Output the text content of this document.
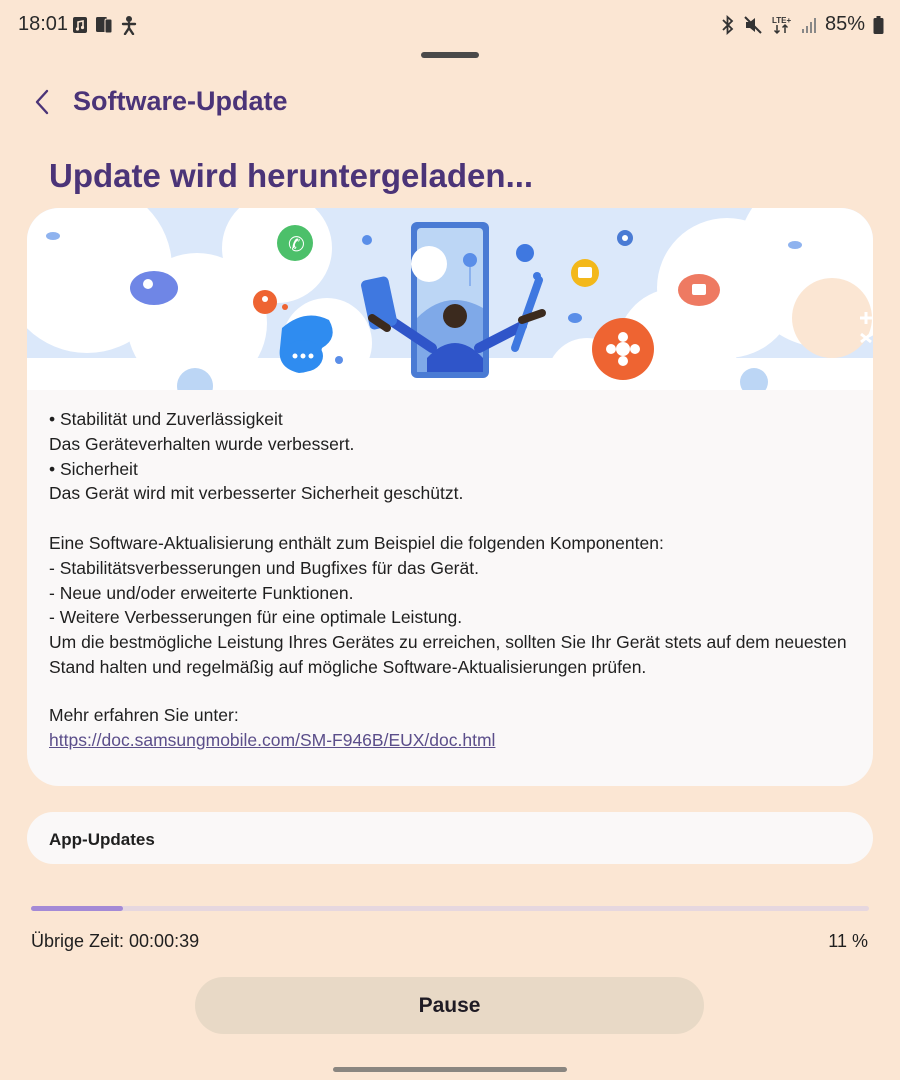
18:01	LTE+ 85%
Software-Update
Update wird heruntergeladen...
✆
• Stabilität und Zuverlässigkeit
Das Geräteverhalten wurde verbessert.
• Sicherheit
Das Gerät wird mit verbesserter Sicherheit geschützt.

Eine Software-Aktualisierung enthält zum Beispiel die folgenden Komponenten:
- Stabilitätsverbesserungen und Bugfixes für das Gerät.
- Neue und/oder erweiterte Funktionen.
- Weitere Verbesserungen für eine optimale Leistung.
Um die bestmögliche Leistung Ihres Gerätes zu erreichen, sollten Sie Ihr Gerät stets auf dem neuesten Stand halten und regelmäßig auf mögliche Software-Aktualisierungen prüfen.
Mehr erfahren Sie unter:
https://doc.samsungmobile.com/SM-F946B/EUX/doc.html
App-Updates
Übrige Zeit: 00:00:39	11 %
Pause
